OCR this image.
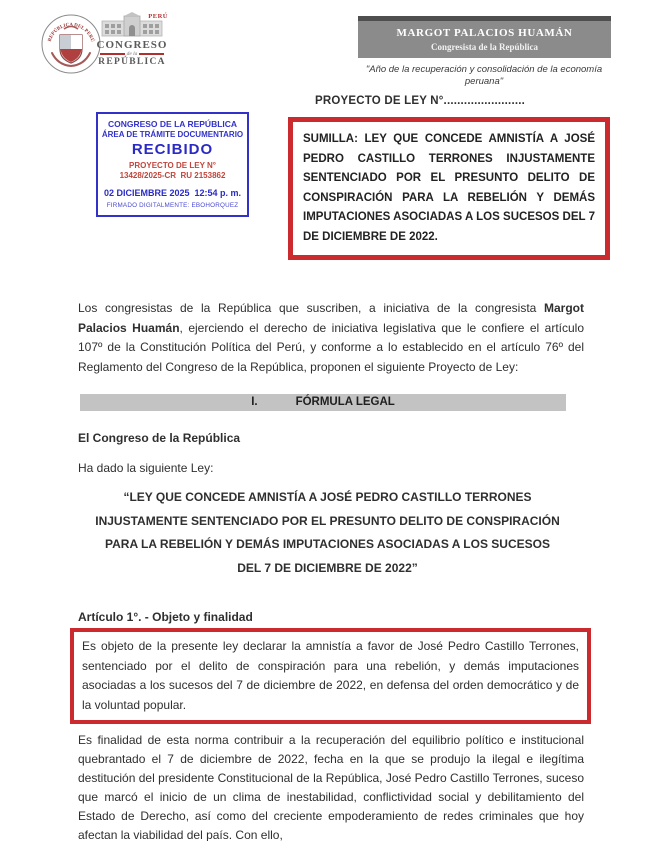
REPÚBLICA DEL PERÚ
PERÚ
CONGRESO
de la
REPÚBLICA
MARGOT PALACIOS HUAMÁN
Congresista de la República
"Año de la recuperación y consolidación de la economía peruana"
PROYECTO DE LEY N°........................
SUMILLA: LEY QUE CONCEDE AMNISTÍA A JOSÉ PEDRO CASTILLO TERRONES INJUSTAMENTE SENTENCIADO POR EL PRESUNTO DELITO DE CONSPIRACIÓN PARA LA REBELIÓN Y DEMÁS IMPUTACIONES ASOCIADAS A LOS SUCESOS DEL 7 DE DICIEMBRE DE 2022.
CONGRESO DE LA REPÚBLICA
ÁREA DE TRÁMITE DOCUMENTARIO
RECIBIDO
PROYECTO DE LEY N°
13428/2025-CR  RU 2153862
02 DICIEMBRE 2025  12:54 p. m.
FIRMADO DIGITALMENTE: EBOHORQUEZ

Los congresistas de la República que suscriben, a iniciativa de la congresista Margot Palacios Huamán, ejerciendo el derecho de iniciativa legislativa que le confiere el artículo 107º de la Constitución Política del Perú, y conforme a lo establecido en el artículo 76º del Reglamento del Congreso de la República, proponen el siguiente Proyecto de Ley:

I.	FÓRMULA LEGAL
El Congreso de la República
Ha dado la siguiente Ley:
“LEY QUE CONCEDE AMNISTÍA A JOSÉ PEDRO CASTILLO TERRONES INJUSTAMENTE SENTENCIADO POR EL PRESUNTO DELITO DE CONSPIRACIÓN PARA LA REBELIÓN Y DEMÁS IMPUTACIONES ASOCIADAS A LOS SUCESOS DEL 7 DE DICIEMBRE DE 2022”
Artículo 1°. - Objeto y finalidad
Es objeto de la presente ley declarar la amnistía a favor de José Pedro Castillo Terrones, sentenciado por el delito de conspiración para una rebelión, y demás imputaciones asociadas a los sucesos del 7 de diciembre de 2022, en defensa del orden democrático y de la voluntad popular.

Es finalidad de esta norma contribuir a la recuperación del equilibrio político e institucional quebrantado el 7 de diciembre de 2022, fecha en la que se produjo la ilegal e ilegítima destitución del presidente Constitucional de la República, José Pedro Castillo Terrones, suceso que marcó el inicio de un clima de inestabilidad, conflictividad social y debilitamiento del Estado de Derecho, así como del creciente empoderamiento de redes criminales que hoy afectan la viabilidad del país. Con ello,
